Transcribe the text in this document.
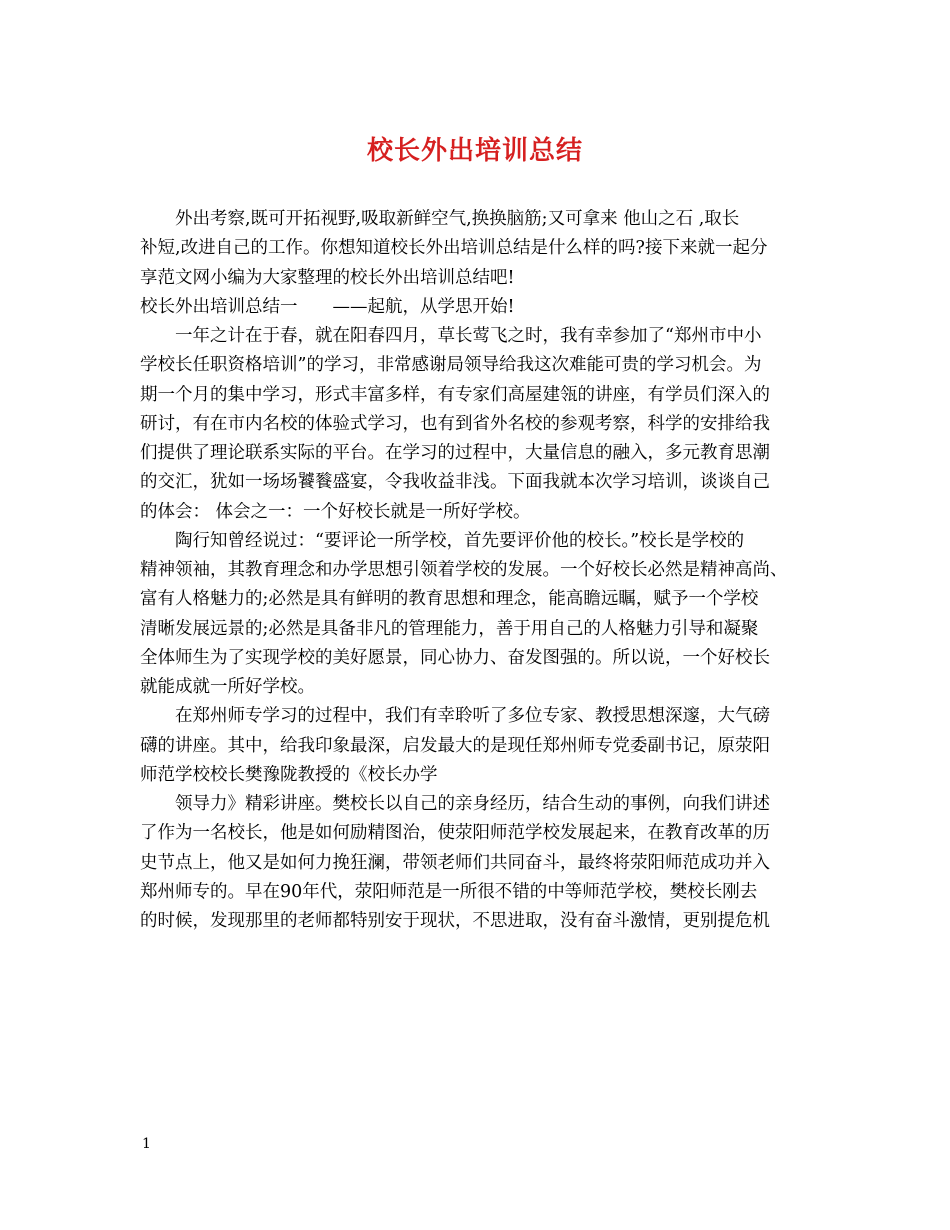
校长外出培训总结
外出考察,既可开拓视野,吸取新鲜空气,换换脑筋;又可拿来 他山之石 ,取长
补短,改进自己的工作。你想知道校长外出培训总结是什么样的吗?接下来就一起分
享范文网小编为大家整理的校长外出培训总结吧!
校长外出培训总结一　　——起航，从学思开始!
一年之计在于春，就在阳春四月，草长莺飞之时，我有幸参加了“郑州市中小
学校长任职资格培训”的学习，非常感谢局领导给我这次难能可贵的学习机会。为
期一个月的集中学习，形式丰富多样，有专家们高屋建瓴的讲座，有学员们深入的
研讨，有在市内名校的体验式学习，也有到省外名校的参观考察，科学的安排给我
们提供了理论联系实际的平台。在学习的过程中，大量信息的融入，多元教育思潮
的交汇，犹如一场场饕餮盛宴，令我收益非浅。下面我就本次学习培训，谈谈自己
的体会： 体会之一：一个好校长就是一所好学校。
陶行知曾经说过：“要评论一所学校，首先要评价他的校长。”校长是学校的
精神领袖，其教育理念和办学思想引领着学校的发展。一个好校长必然是精神高尚、
富有人格魅力的;必然是具有鲜明的教育思想和理念，能高瞻远瞩，赋予一个学校
清晰发展远景的;必然是具备非凡的管理能力，善于用自己的人格魅力引导和凝聚
全体师生为了实现学校的美好愿景，同心协力、奋发图强的。所以说，一个好校长
就能成就一所好学校。
在郑州师专学习的过程中，我们有幸聆听了多位专家、教授思想深邃，大气磅
礴的讲座。其中，给我印象最深，启发最大的是现任郑州师专党委副书记，原荥阳
师范学校校长樊豫陇教授的《校长办学
领导力》精彩讲座。樊校长以自己的亲身经历，结合生动的事例，向我们讲述
了作为一名校长，他是如何励精图治，使荥阳师范学校发展起来，在教育改革的历
史节点上，他又是如何力挽狂澜，带领老师们共同奋斗，最终将荥阳师范成功并入
郑州师专的。早在90年代，荥阳师范是一所很不错的中等师范学校，樊校长刚去
的时候，发现那里的老师都特别安于现状，不思进取，没有奋斗激情，更别提危机
1
